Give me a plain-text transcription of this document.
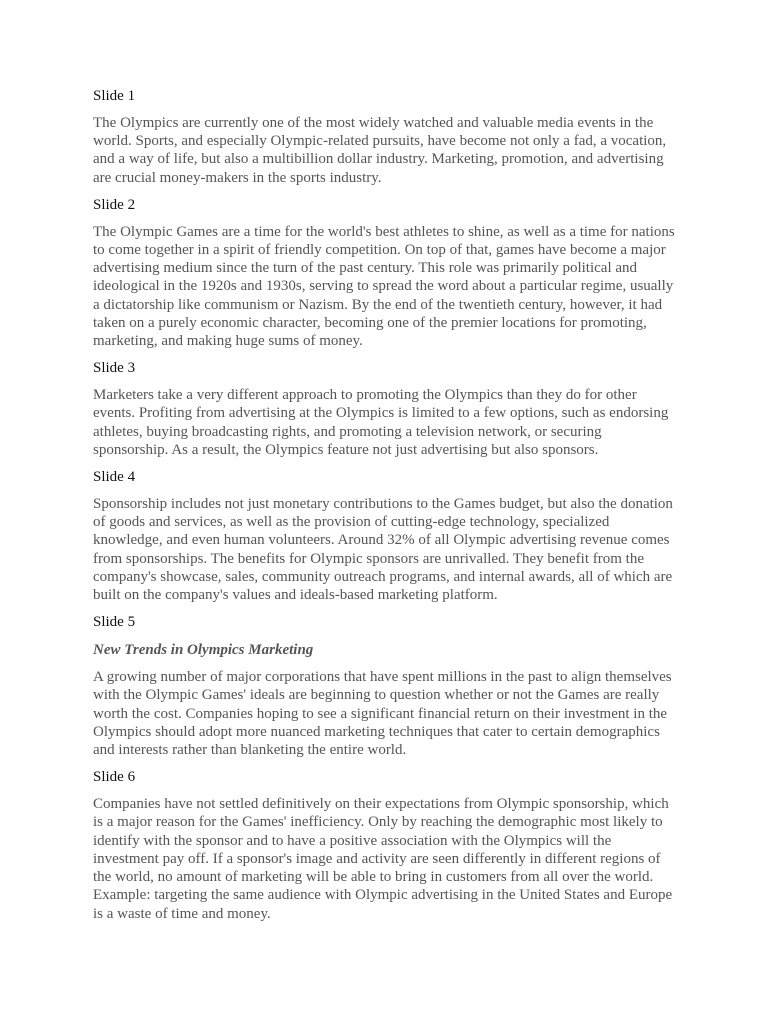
Slide 1

The Olympics are currently one of the most widely watched and valuable media events in the world. Sports, and especially Olympic-related pursuits, have become not only a fad, a vocation, and a way of life, but also a multibillion dollar industry. Marketing, promotion, and advertising are crucial money-makers in the sports industry.

Slide 2

The Olympic Games are a time for the world's best athletes to shine, as well as a time for nations to come together in a spirit of friendly competition. On top of that, games have become a major advertising medium since the turn of the past century. This role was primarily political and ideological in the 1920s and 1930s, serving to spread the word about a particular regime, usually a dictatorship like communism or Nazism. By the end of the twentieth century, however, it had taken on a purely economic character, becoming one of the premier locations for promoting, marketing, and making huge sums of money.

Slide 3

Marketers take a very different approach to promoting the Olympics than they do for other events. Profiting from advertising at the Olympics is limited to a few options, such as endorsing athletes, buying broadcasting rights, and promoting a television network, or securing sponsorship. As a result, the Olympics feature not just advertising but also sponsors.

Slide 4

Sponsorship includes not just monetary contributions to the Games budget, but also the donation of goods and services, as well as the provision of cutting-edge technology, specialized knowledge, and even human volunteers. Around 32% of all Olympic advertising revenue comes from sponsorships. The benefits for Olympic sponsors are unrivalled. They benefit from the company's showcase, sales, community outreach programs, and internal awards, all of which are built on the company's values and ideals-based marketing platform.

Slide 5
New Trends in Olympics Marketing

A growing number of major corporations that have spent millions in the past to align themselves with the Olympic Games' ideals are beginning to question whether or not the Games are really worth the cost. Companies hoping to see a significant financial return on their investment in the Olympics should adopt more nuanced marketing techniques that cater to certain demographics and interests rather than blanketing the entire world.

Slide 6

Companies have not settled definitively on their expectations from Olympic sponsorship, which is a major reason for the Games' inefficiency. Only by reaching the demographic most likely to identify with the sponsor and to have a positive association with the Olympics will the investment pay off. If a sponsor's image and activity are seen differently in different regions of the world, no amount of marketing will be able to bring in customers from all over the world. Example: targeting the same audience with Olympic advertising in the United States and Europe is a waste of time and money.
